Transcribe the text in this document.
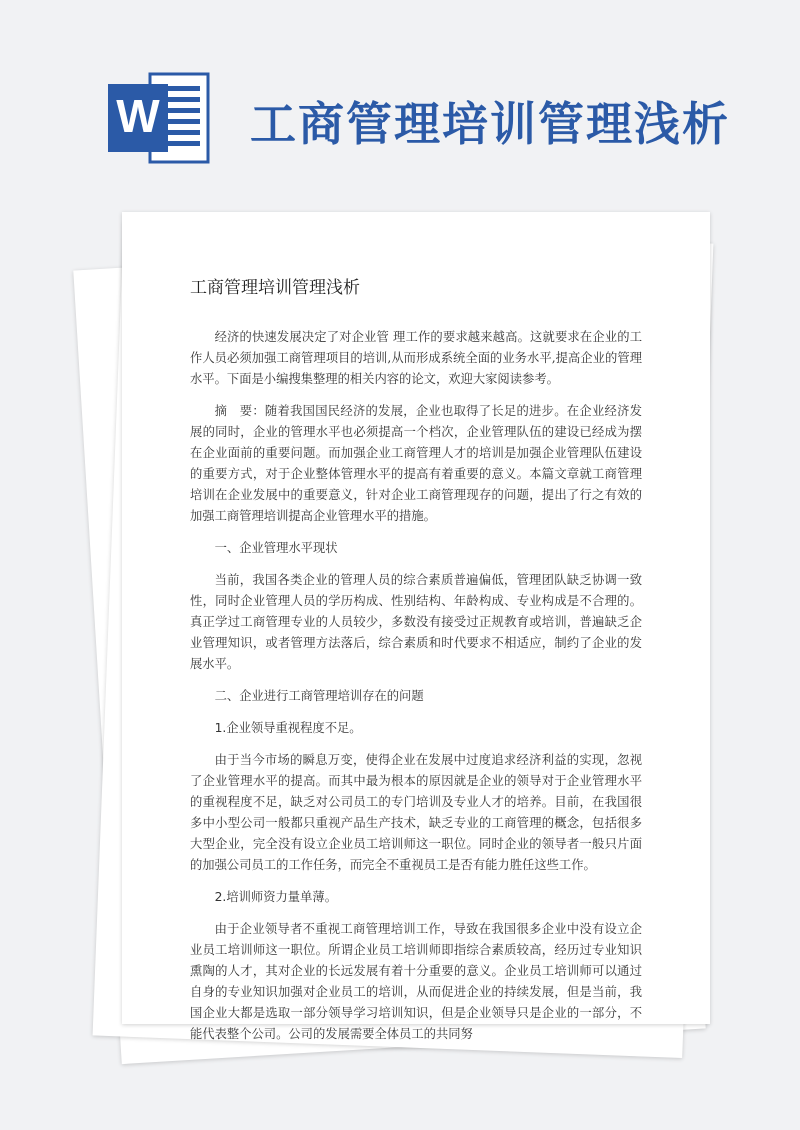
W 工商管理培训管理浅析
工商管理培训管理浅析

经济的快速发展决定了对企业管 理工作的要求越来越高。这就要求在企业的工作人员必须加强工商管理项目的培训,从而形成系统全面的业务水平,提高企业的管理水平。下面是小编搜集整理的相关内容的论文，欢迎大家阅读参考。

摘　要：随着我国国民经济的发展，企业也取得了长足的进步。在企业经济发展的同时，企业的管理水平也必须提高一个档次，企业管理队伍的建设已经成为摆在企业面前的重要问题。而加强企业工商管理人才的培训是加强企业管理队伍建设的重要方式，对于企业整体管理水平的提高有着重要的意义。本篇文章就工商管理培训在企业发展中的重要意义，针对企业工商管理现存的问题，提出了行之有效的加强工商管理培训提高企业管理水平的措施。

一、企业管理水平现状

当前，我国各类企业的管理人员的综合素质普遍偏低，管理团队缺乏协调一致性，同时企业管理人员的学历构成、性别结构、年龄构成、专业构成是不合理的。真正学过工商管理专业的人员较少，多数没有接受过正规教育或培训，普遍缺乏企业管理知识，或者管理方法落后，综合素质和时代要求不相适应，制约了企业的发展水平。

二、企业进行工商管理培训存在的问题

1.企业领导重视程度不足。

由于当今市场的瞬息万变，使得企业在发展中过度追求经济利益的实现，忽视了企业管理水平的提高。而其中最为根本的原因就是企业的领导对于企业管理水平的重视程度不足，缺乏对公司员工的专门培训及专业人才的培养。目前，在我国很多中小型公司一般都只重视产品生产技术，缺乏专业的工商管理的概念，包括很多大型企业，完全没有设立企业员工培训师这一职位。同时企业的领导者一般只片面的加强公司员工的工作任务，而完全不重视员工是否有能力胜任这些工作。

2.培训师资力量单薄。

由于企业领导者不重视工商管理培训工作，导致在我国很多企业中没有设立企业员工培训师这一职位。所谓企业员工培训师即指综合素质较高，经历过专业知识熏陶的人才，其对企业的长远发展有着十分重要的意义。企业员工培训师可以通过自身的专业知识加强对企业员工的培训，从而促进企业的持续发展，但是当前，我国企业大都是选取一部分领导学习培训知识，但是企业领导只是企业的一部分，不能代表整个公司。公司的发展需要全体员工的共同努
